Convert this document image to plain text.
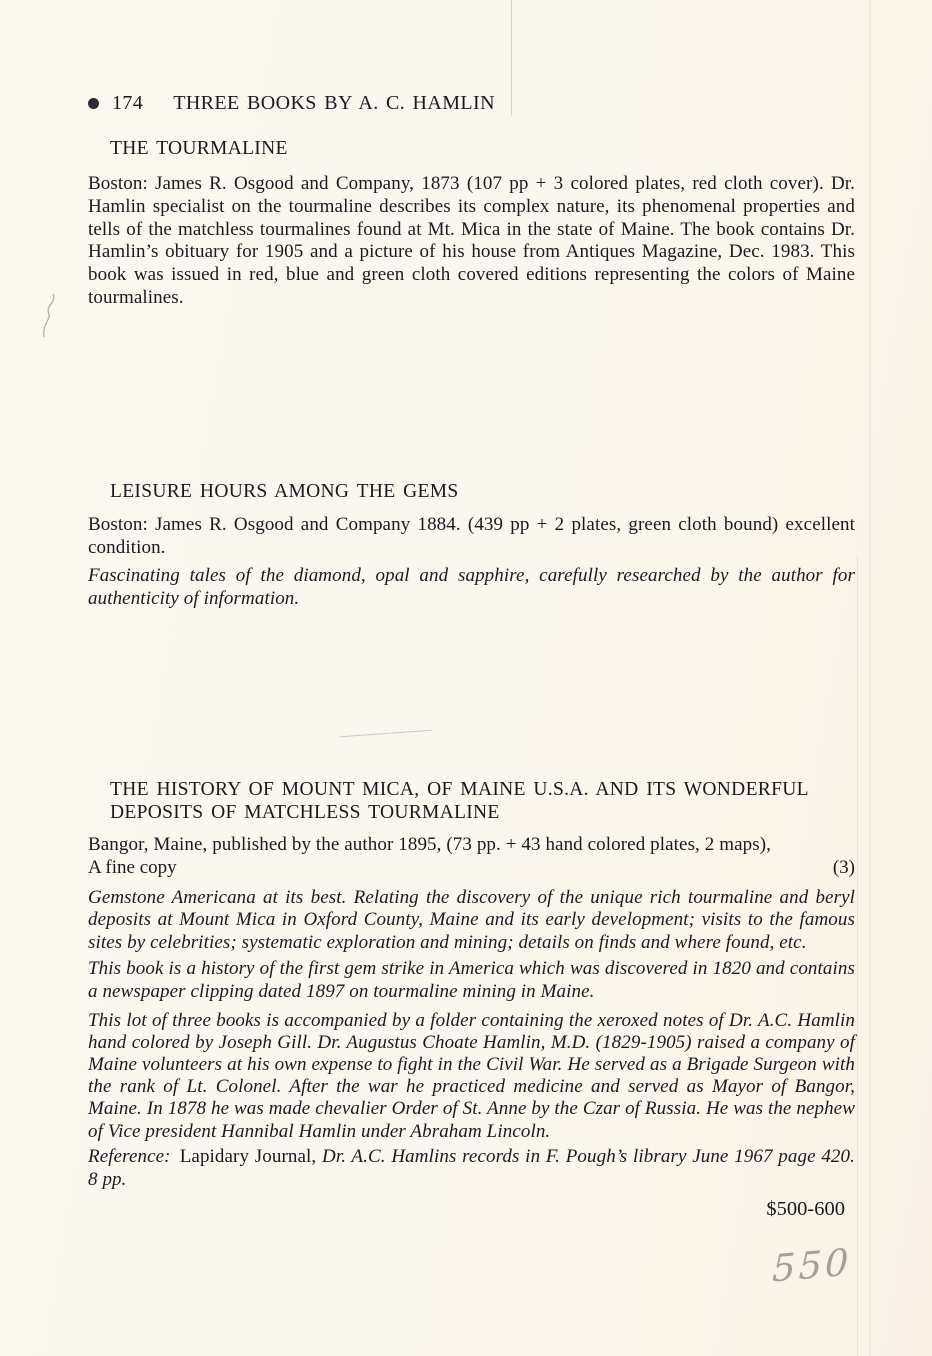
174 THREE BOOKS BY A. C. HAMLIN
THE TOURMALINE

Boston: James R. Osgood and Company, 1873 (107 pp + 3 colored plates, red cloth cover). Dr. Hamlin specialist on the tourmaline describes its complex nature, its phenomenal properties and tells of the matchless tourmalines found at Mt. Mica in the state of Maine. The book contains Dr. Hamlin’s obituary for 1905 and a picture of his house from Antiques Magazine, Dec. 1983. This book was issued in red, blue and green cloth covered editions representing the colors of Maine tourmalines.

LEISURE HOURS AMONG THE GEMS

Boston: James R. Osgood and Company 1884. (439 pp + 2 plates, green cloth bound) excellent condition.

Fascinating tales of the diamond, opal and sapphire, carefully researched by the author for authenticity of information.

THE HISTORY OF MOUNT MICA, OF MAINE U.S.A. AND ITS WONDERFUL
DEPOSITS OF MATCHLESS TOURMALINE

Bangor, Maine, published by the author 1895, (73 pp. + 43 hand colored plates, 2 maps),

A fine copy	(3)

Gemstone Americana at its best. Relating the discovery of the unique rich tourmaline and beryl deposits at Mount Mica in Oxford County, Maine and its early development; visits to the famous sites by celebrities; systematic exploration and mining; details on finds and where found, etc.

This book is a history of the first gem strike in America which was discovered in 1820 and contains a newspaper clipping dated 1897 on tourmaline mining in Maine.

This lot of three books is accompanied by a folder containing the xeroxed notes of Dr. A.C. Hamlin hand colored by Joseph Gill. Dr. Augustus Choate Hamlin, M.D. (1829-1905) raised a company of Maine volunteers at his own expense to fight in the Civil War. He served as a Brigade Surgeon with the rank of Lt. Colonel. After the war he practiced medicine and served as Mayor of Bangor, Maine. In 1878 he was made chevalier Order of St. Anne by the Czar of Russia. He was the nephew of Vice president Hannibal Hamlin under Abraham Lincoln.

Reference: Lapidary Journal, Dr. A.C. Hamlins records in F. Pough’s library June 1967 page 420. 8 pp.

$500-600
550
